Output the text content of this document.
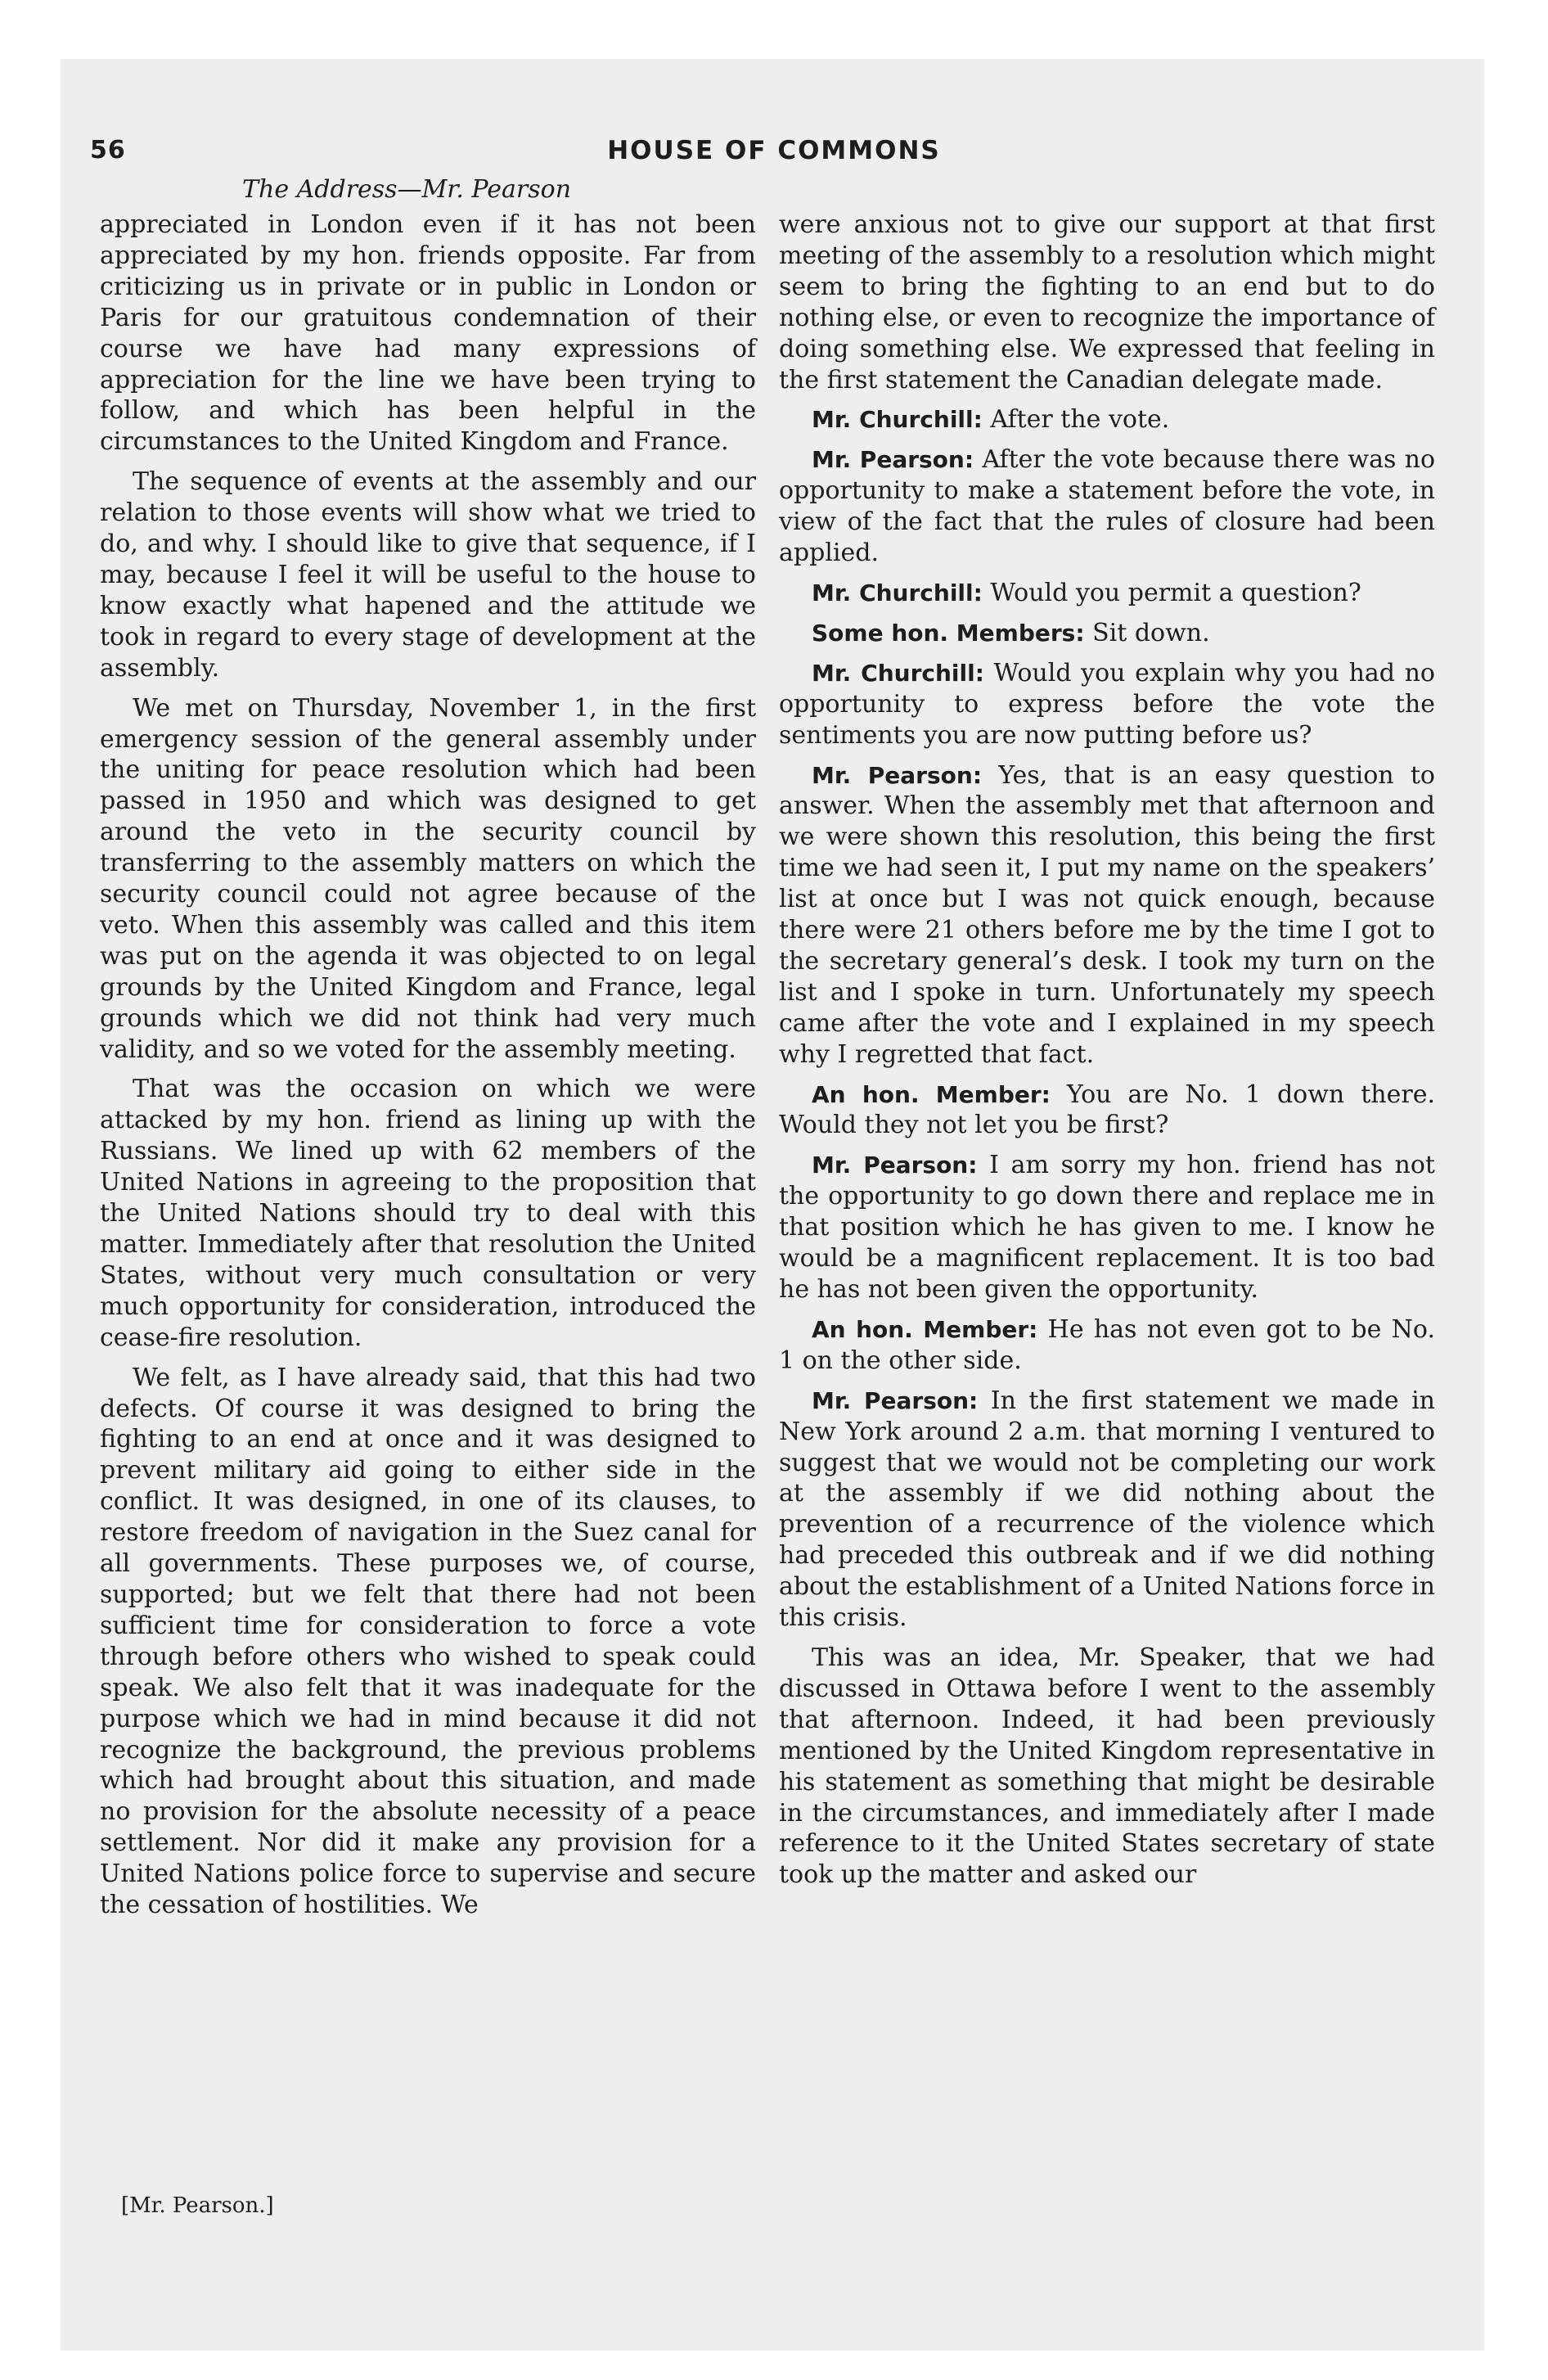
56	HOUSE OF COMMONS
The Address—Mr. Pearson

appreciated in London even if it has not been appreciated by my hon. friends opposite. Far from criticizing us in private or in public in London or Paris for our gratuitous condemnation of their course we have had many expressions of appreciation for the line we have been trying to follow, and which has been helpful in the circumstances to the United Kingdom and France.

The sequence of events at the assembly and our relation to those events will show what we tried to do, and why. I should like to give that sequence, if I may, because I feel it will be useful to the house to know exactly what hapened and the attitude we took in regard to every stage of development at the assembly.

We met on Thursday, November 1, in the first emergency session of the general assembly under the uniting for peace resolution which had been passed in 1950 and which was designed to get around the veto in the security council by transferring to the assembly matters on which the security council could not agree because of the veto. When this assembly was called and this item was put on the agenda it was objected to on legal grounds by the United Kingdom and France, legal grounds which we did not think had very much validity, and so we voted for the assembly meeting.

That was the occasion on which we were attacked by my hon. friend as lining up with the Russians. We lined up with 62 members of the United Nations in agreeing to the proposition that the United Nations should try to deal with this matter. Immediately after that resolution the United States, without very much consultation or very much opportunity for consideration, introduced the cease-fire resolution.

We felt, as I have already said, that this had two defects. Of course it was designed to bring the fighting to an end at once and it was designed to prevent military aid going to either side in the conflict. It was designed, in one of its clauses, to restore freedom of navigation in the Suez canal for all governments. These purposes we, of course, supported; but we felt that there had not been sufficient time for consideration to force a vote through before others who wished to speak could speak. We also felt that it was inadequate for the purpose which we had in mind because it did not recognize the background, the previous problems which had brought about this situation, and made no provision for the absolute necessity of a peace settlement. Nor did it make any provision for a United Nations police force to supervise and secure the cessation of hostilities. We

were anxious not to give our support at that first meeting of the assembly to a resolution which might seem to bring the fighting to an end but to do nothing else, or even to recognize the importance of doing something else. We expressed that feeling in the first statement the Canadian delegate made.

Mr. Churchill: After the vote.

Mr. Pearson: After the vote because there was no opportunity to make a statement before the vote, in view of the fact that the rules of closure had been applied.

Mr. Churchill: Would you permit a question?

Some hon. Members: Sit down.

Mr. Churchill: Would you explain why you had no opportunity to express before the vote the sentiments you are now putting before us?

Mr. Pearson: Yes, that is an easy question to answer. When the assembly met that afternoon and we were shown this resolution, this being the first time we had seen it, I put my name on the speakers’ list at once but I was not quick enough, because there were 21 others before me by the time I got to the secretary general’s desk. I took my turn on the list and I spoke in turn. Unfortunately my speech came after the vote and I explained in my speech why I regretted that fact.

An hon. Member: You are No. 1 down there. Would they not let you be first?

Mr. Pearson: I am sorry my hon. friend has not the opportunity to go down there and replace me in that position which he has given to me. I know he would be a magnificent replacement. It is too bad he has not been given the opportunity.

An hon. Member: He has not even got to be No. 1 on the other side.

Mr. Pearson: In the first statement we made in New York around 2 a.m. that morning I ventured to suggest that we would not be completing our work at the assembly if we did nothing about the prevention of a recurrence of the violence which had preceded this outbreak and if we did nothing about the establishment of a United Nations force in this crisis.

This was an idea, Mr. Speaker, that we had discussed in Ottawa before I went to the assembly that afternoon. Indeed, it had been previously mentioned by the United Kingdom representative in his statement as something that might be desirable in the circumstances, and immediately after I made reference to it the United States secretary of state took up the matter and asked our

[Mr. Pearson.]
